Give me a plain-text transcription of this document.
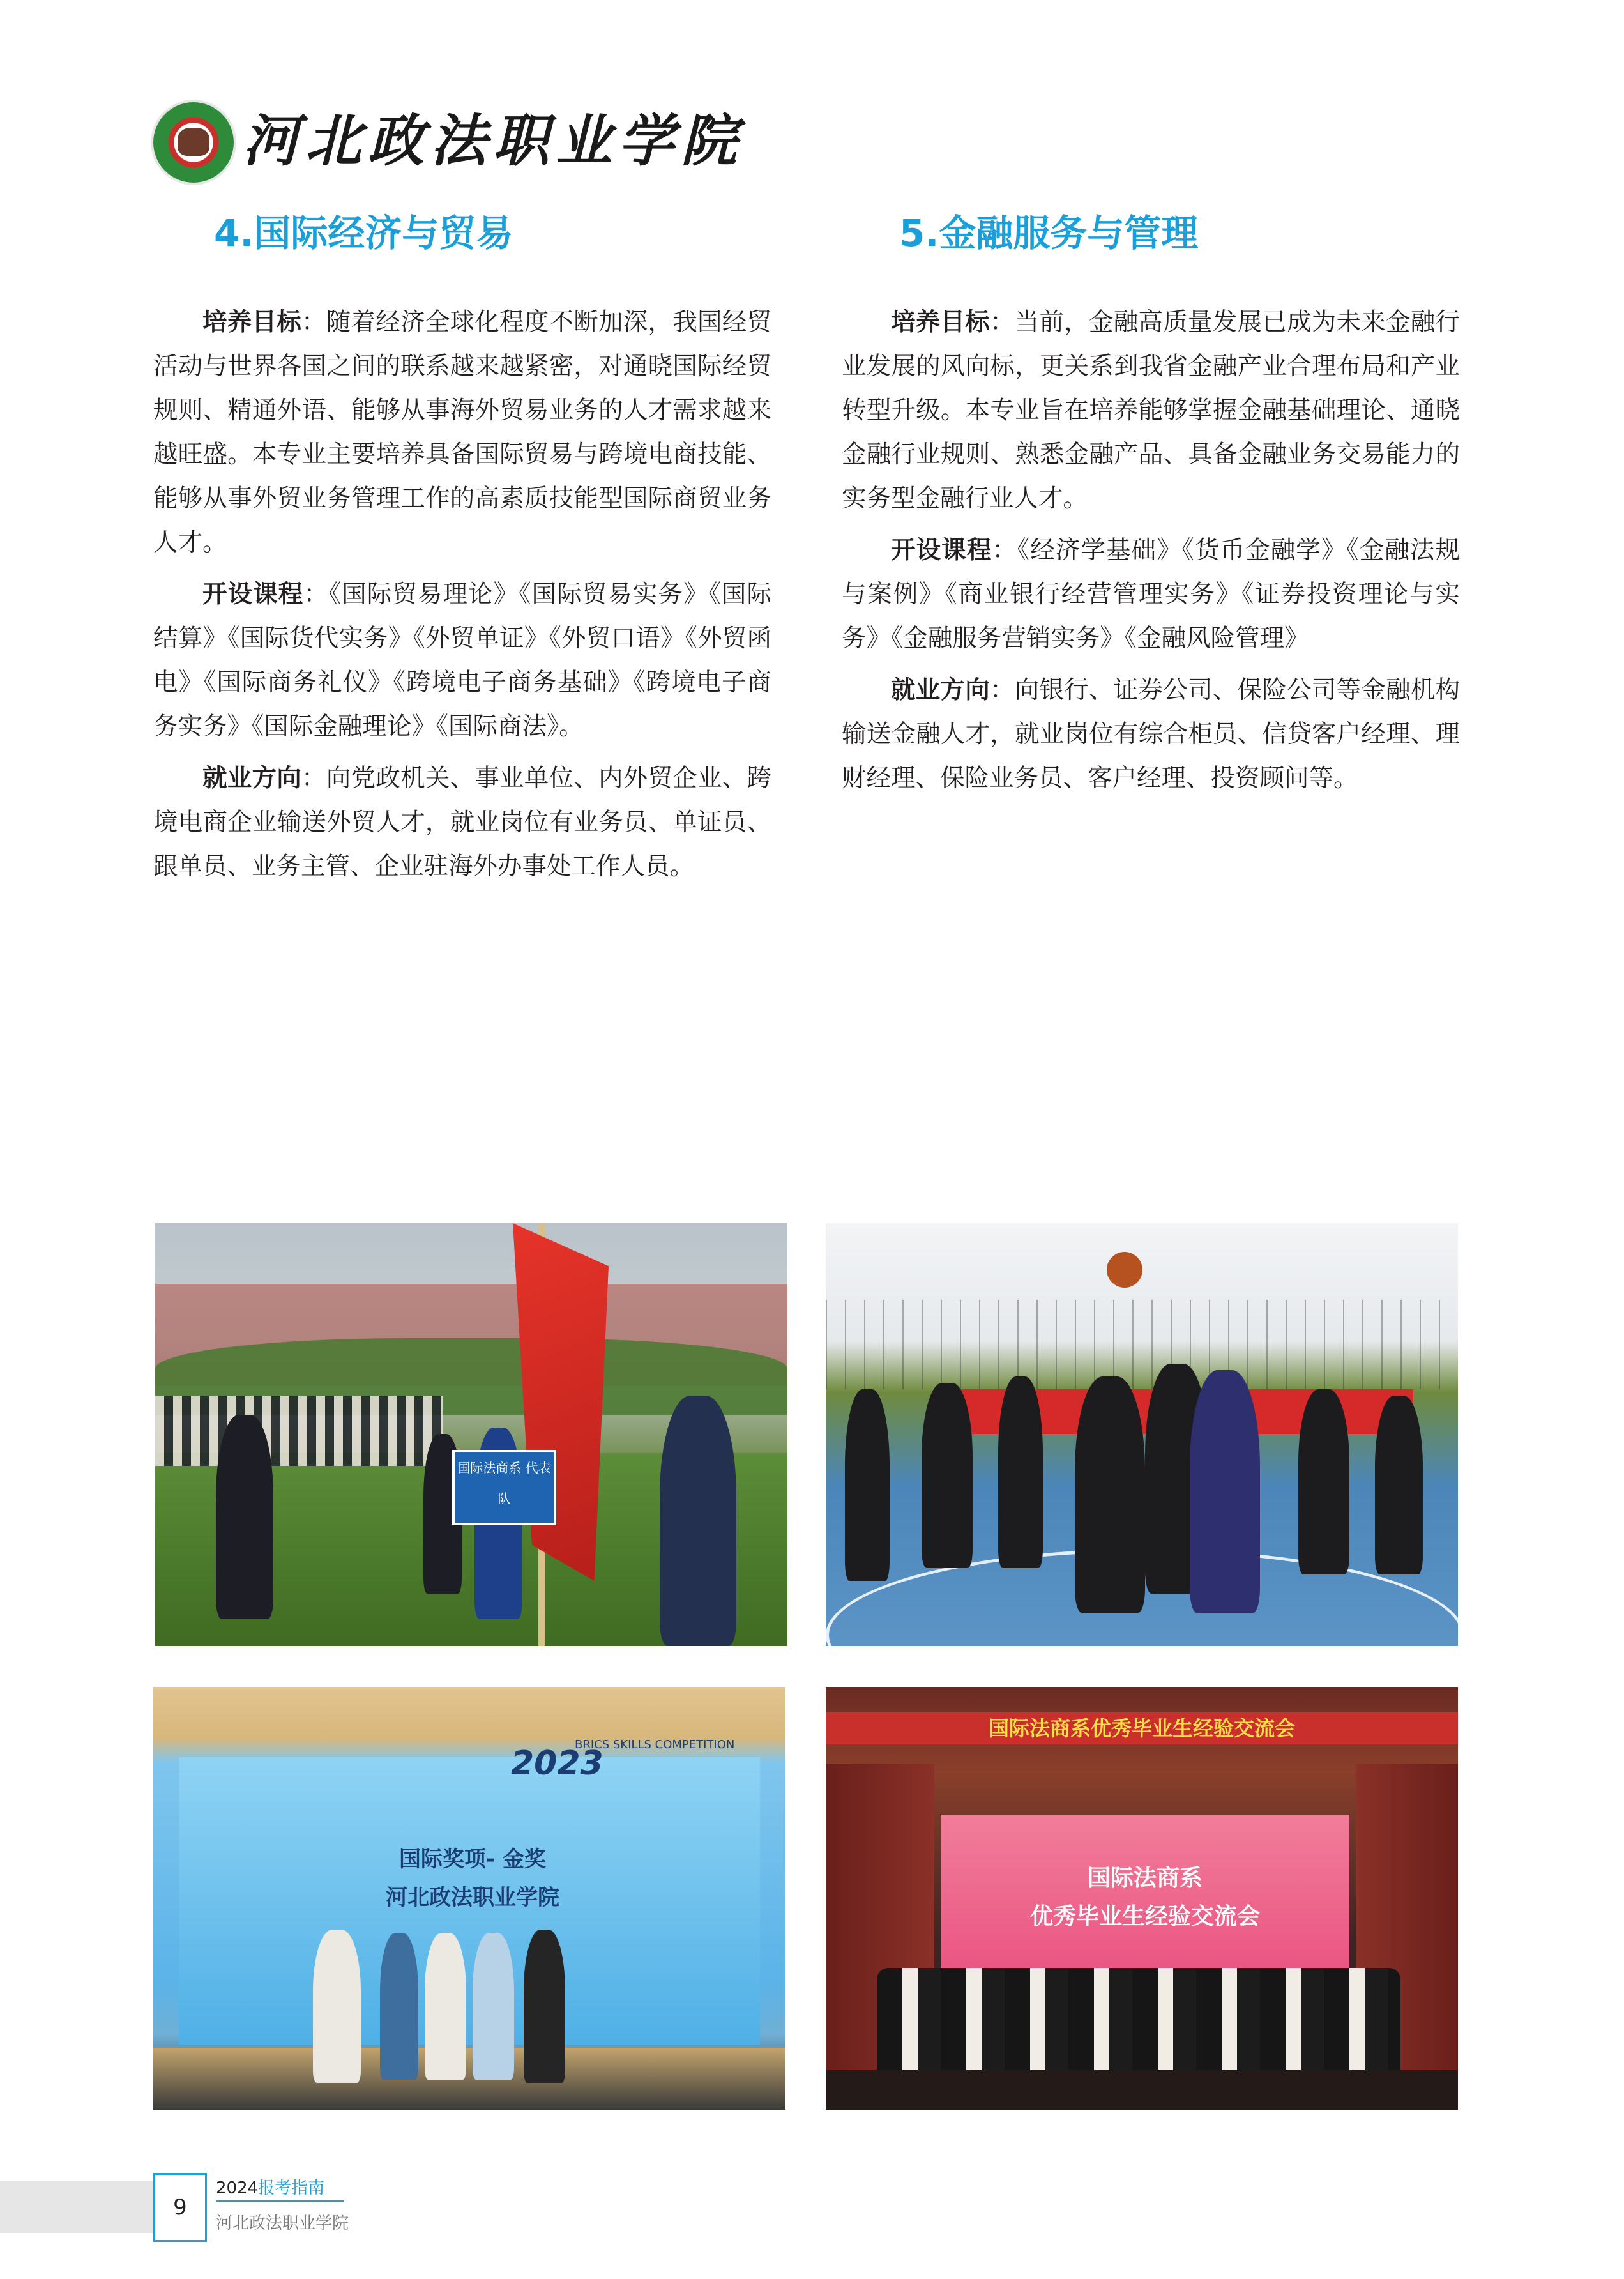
河北政法职业学院
4.国际经济与贸易

培养目标：随着经济全球化程度不断加深，我国经贸活动与世界各国之间的联系越来越紧密，对通晓国际经贸规则、精通外语、能够从事海外贸易业务的人才需求越来越旺盛。本专业主要培养具备国际贸易与跨境电商技能、能够从事外贸业务管理工作的高素质技能型国际商贸业务人才。

开设课程：《国际贸易理论》《国际贸易实务》《国际结算》《国际货代实务》《外贸单证》《外贸口语》《外贸函电》《国际商务礼仪》《跨境电子商务基础》《跨境电子商务实务》《国际金融理论》《国际商法》。

就业方向：向党政机关、事业单位、内外贸企业、跨境电商企业输送外贸人才，就业岗位有业务员、单证员、跟单员、业务主管、企业驻海外办事处工作人员。

5.金融服务与管理

培养目标：当前，金融高质量发展已成为未来金融行业发展的风向标，更关系到我省金融产业合理布局和产业转型升级。本专业旨在培养能够掌握金融基础理论、通晓金融行业规则、熟悉金融产品、具备金融业务交易能力的实务型金融行业人才。

开设课程：《经济学基础》《货币金融学》《金融法规与案例》《商业银行经营管理实务》《证券投资理论与实务》《金融服务营销实务》《金融风险管理》

就业方向：向银行、证券公司、保险公司等金融机构输送金融人才，就业岗位有综合柜员、信贷客户经理、理财经理、保险业务员、客户经理、投资顾问等。

国际法商系 代表队
2023
BRICS SKILLS COMPETITION
国际奖项- 金奖
河北政法职业学院
国际法商系优秀毕业生经验交流会
国际法商系
优秀毕业生经验交流会
9
2024报考指南
河北政法职业学院
